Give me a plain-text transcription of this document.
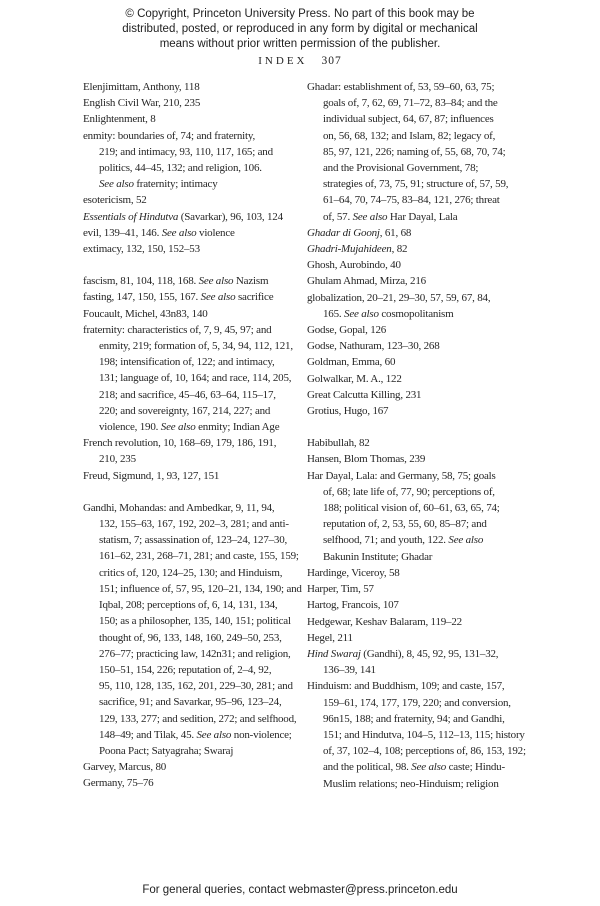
© Copyright, Princeton University Press. No part of this book may be
distributed, posted, or reproduced in any form by digital or mechanical
means without prior written permission of the publisher.
INDEX 307
Elenjimittam, Anthony, 118
English Civil War, 210, 235
Enlightenment, 8
enmity: boundaries of, 74; and fraternity,
219; and intimacy, 93, 110, 117, 165; and
politics, 44–45, 132; and religion, 106.
See also fraternity; intimacy
esotericism, 52
Essentials of Hindutva (Savarkar), 96, 103, 124
evil, 139–41, 146. See also violence
extimacy, 132, 150, 152–53
fascism, 81, 104, 118, 168. See also Nazism
fasting, 147, 150, 155, 167. See also sacrifice
Foucault, Michel, 43n83, 140
fraternity: characteristics of, 7, 9, 45, 97; and
enmity, 219; formation of, 5, 34, 94, 112, 121,
198; intensification of, 122; and intimacy,
131; language of, 10, 164; and race, 114, 205,
218; and sacrifice, 45–46, 63–64, 115–17,
220; and sovereignty, 167, 214, 227; and
violence, 190. See also enmity; Indian Age
French revolution, 10, 168–69, 179, 186, 191,
210, 235
Freud, Sigmund, 1, 93, 127, 151
Gandhi, Mohandas: and Ambedkar, 9, 11, 94,
132, 155–63, 167, 192, 202–3, 281; and anti-
statism, 7; assassination of, 123–24, 127–30,
161–62, 231, 268–71, 281; and caste, 155, 159;
critics of, 120, 124–25, 130; and Hinduism,
151; influence of, 57, 95, 120–21, 134, 190; and
Iqbal, 208; perceptions of, 6, 14, 131, 134,
150; as a philosopher, 135, 140, 151; political
thought of, 96, 133, 148, 160, 249–50, 253,
276–77; practicing law, 142n31; and religion,
150–51, 154, 226; reputation of, 2–4, 92,
95, 110, 128, 135, 162, 201, 229–30, 281; and
sacrifice, 91; and Savarkar, 95–96, 123–24,
129, 133, 277; and sedition, 272; and selfhood,
148–49; and Tilak, 45. See also non-violence;
Poona Pact; Satyagraha; Swaraj
Garvey, Marcus, 80
Germany, 75–76
Ghadar: establishment of, 53, 59–60, 63, 75;
goals of, 7, 62, 69, 71–72, 83–84; and the
individual subject, 64, 67, 87; influences
on, 56, 68, 132; and Islam, 82; legacy of,
85, 97, 121, 226; naming of, 55, 68, 70, 74;
and the Provisional Government, 78;
strategies of, 73, 75, 91; structure of, 57, 59,
61–64, 70, 74–75, 83–84, 121, 276; threat
of, 57. See also Har Dayal, Lala
Ghadar di Goonj, 61, 68
Ghadri-Mujahideen, 82
Ghosh, Aurobindo, 40
Ghulam Ahmad, Mirza, 216
globalization, 20–21, 29–30, 57, 59, 67, 84,
165. See also cosmopolitanism
Godse, Gopal, 126
Godse, Nathuram, 123–30, 268
Goldman, Emma, 60
Golwalkar, M. A., 122
Great Calcutta Killing, 231
Grotius, Hugo, 167
Habibullah, 82
Hansen, Blom Thomas, 239
Har Dayal, Lala: and Germany, 58, 75; goals
of, 68; late life of, 77, 90; perceptions of,
188; political vision of, 60–61, 63, 65, 74;
reputation of, 2, 53, 55, 60, 85–87; and
selfhood, 71; and youth, 122. See also
Bakunin Institute; Ghadar
Hardinge, Viceroy, 58
Harper, Tim, 57
Hartog, Francois, 107
Hedgewar, Keshav Balaram, 119–22
Hegel, 211
Hind Swaraj (Gandhi), 8, 45, 92, 95, 131–32,
136–39, 141
Hinduism: and Buddhism, 109; and caste, 157,
159–61, 174, 177, 179, 220; and conversion,
96n15, 188; and fraternity, 94; and Gandhi,
151; and Hindutva, 104–5, 112–13, 115; history
of, 37, 102–4, 108; perceptions of, 86, 153, 192;
and the political, 98. See also caste; Hindu-
Muslim relations; neo-Hinduism; religion
For general queries, contact webmaster@press.princeton.edu
